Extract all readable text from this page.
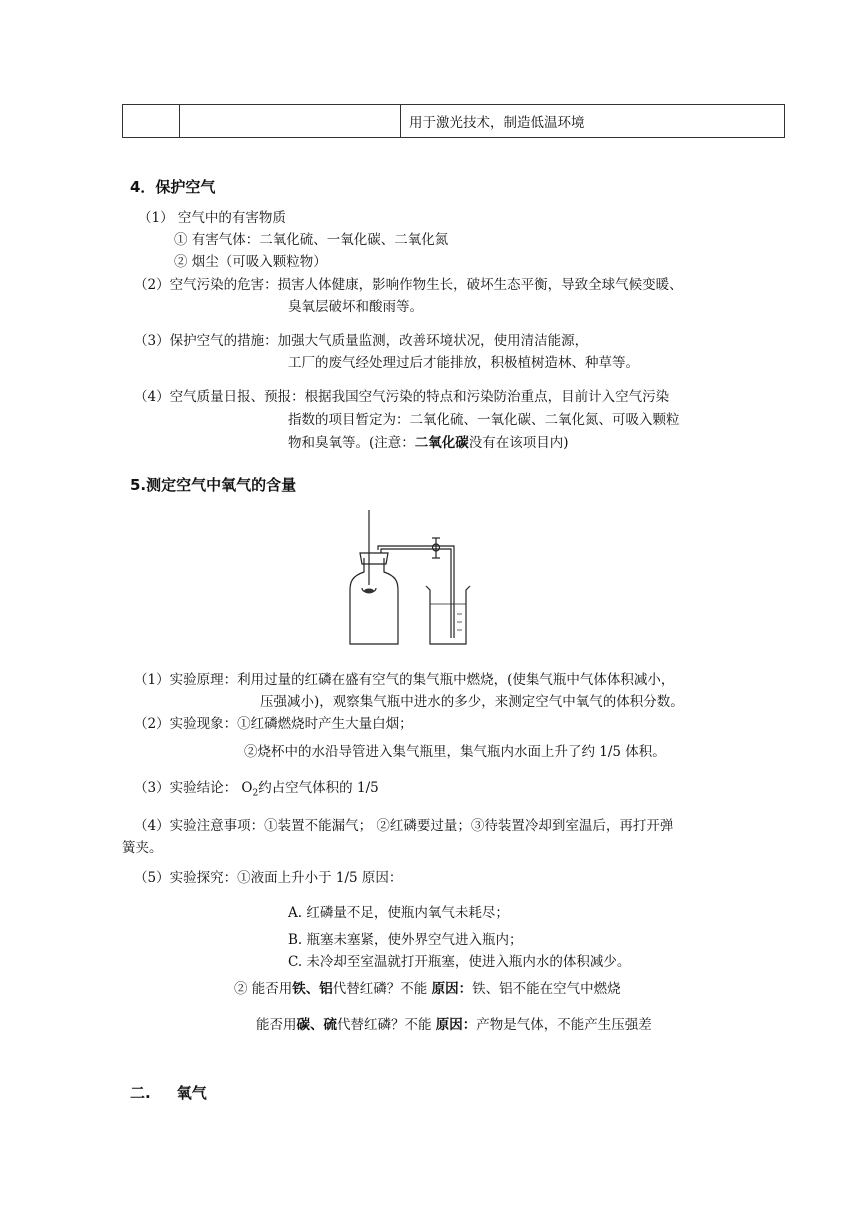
		用于激光技术，制造低温环境
4．保护空气
（1） 空气中的有害物质
① 有害气体：二氧化硫、一氧化碳、二氧化氮
② 烟尘（可吸入颗粒物）
（2）空气污染的危害：损害人体健康，影响作物生长，破坏生态平衡，导致全球气候变暖、
臭氧层破坏和酸雨等。
（3）保护空气的措施：加强大气质量监测，改善环境状况，使用清洁能源，
工厂的废气经处理过后才能排放，积极植树造林、种草等。
（4）空气质量日报、预报：根据我国空气污染的特点和污染防治重点，目前计入空气污染
指数的项目暂定为：二氧化硫、一氧化碳、二氧化氮、可吸入颗粒
物和臭氧等。(注意：二氧化碳没有在该项目内)
5.测定空气中氧气的含量
（1）实验原理：利用过量的红磷在盛有空气的集气瓶中燃烧，(使集气瓶中气体体积减小，
压强减小)，观察集气瓶中进水的多少，来测定空气中氧气的体积分数。
（2）实验现象：①红磷燃烧时产生大量白烟；
②烧杯中的水沿导管进入集气瓶里，集气瓶内水面上升了约 1/5 体积。
（3）实验结论： $O_2$约占空气体积的 1/5
（4）实验注意事项：①装置不能漏气； ②红磷要过量；③待装置冷却到室温后，再打开弹
簧夹。
（5）实验探究：①液面上升小于 1/5 原因：
A. 红磷量不足，使瓶内氧气未耗尽；
B. 瓶塞未塞紧，使外界空气进入瓶内；
C. 未冷却至室温就打开瓶塞，使进入瓶内水的体积减少。
② 能否用铁、铝代替红磷？不能 原因：铁、铝不能在空气中燃烧
能否用碳、硫代替红磷？不能 原因：产物是气体，不能产生压强差
二.     氧气
